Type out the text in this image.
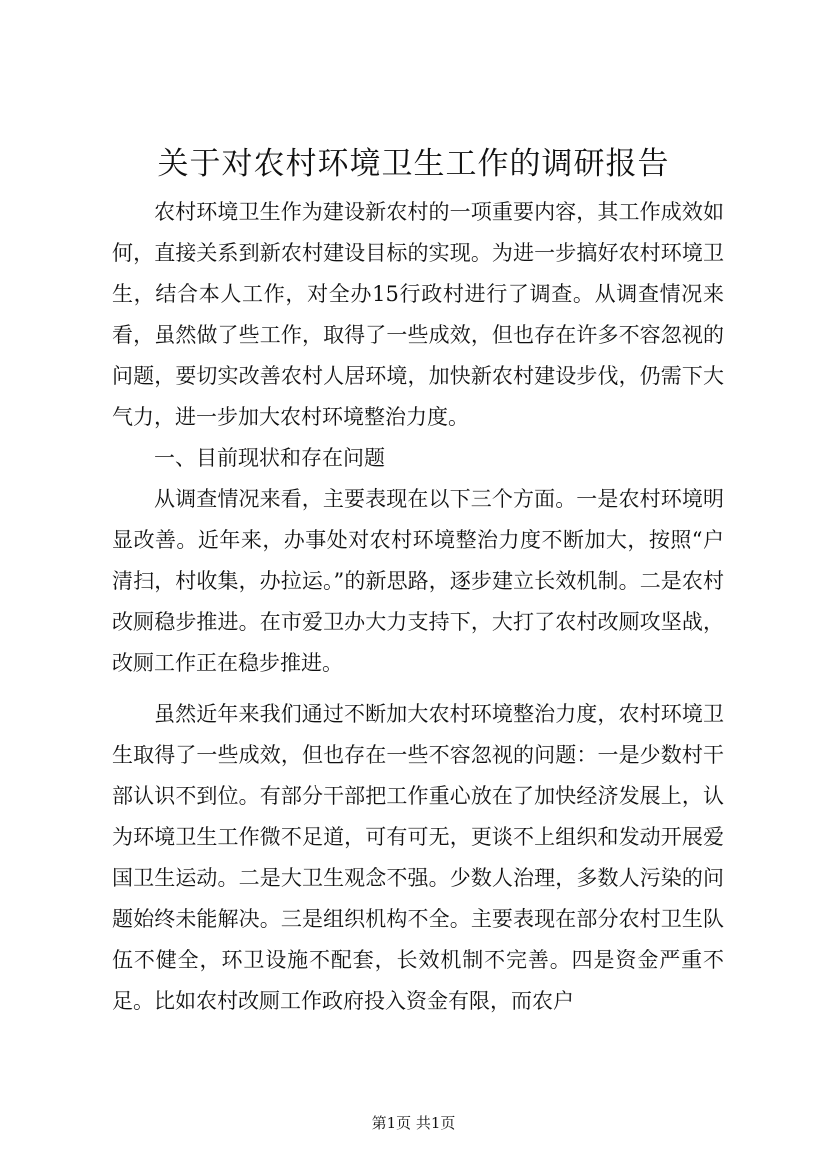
关于对农村环境卫生工作的调研报告

农村环境卫生作为建设新农村的一项重要内容，其工作成效如何，直接关系到新农村建设目标的实现。为进一步搞好农村环境卫生，结合本人工作，对全办15行政村进行了调查。从调查情况来看，虽然做了些工作，取得了一些成效，但也存在许多不容忽视的问题，要切实改善农村人居环境，加快新农村建设步伐，仍需下大气力，进一步加大农村环境整治力度。

一、目前现状和存在问题

从调查情况来看，主要表现在以下三个方面。一是农村环境明显改善。近年来，办事处对农村环境整治力度不断加大，按照“户清扫，村收集，办拉运。”的新思路，逐步建立长效机制。二是农村改厕稳步推进。在市爱卫办大力支持下，大打了农村改厕攻坚战，改厕工作正在稳步推进。

虽然近年来我们通过不断加大农村环境整治力度，农村环境卫生取得了一些成效，但也存在一些不容忽视的问题：一是少数村干部认识不到位。有部分干部把工作重心放在了加快经济发展上，认为环境卫生工作微不足道，可有可无，更谈不上组织和发动开展爱国卫生运动。二是大卫生观念不强。少数人治理，多数人污染的问题始终未能解决。三是组织机构不全。主要表现在部分农村卫生队伍不健全，环卫设施不配套，长效机制不完善。四是资金严重不足。比如农村改厕工作政府投入资金有限，而农户

第1页 共1页
